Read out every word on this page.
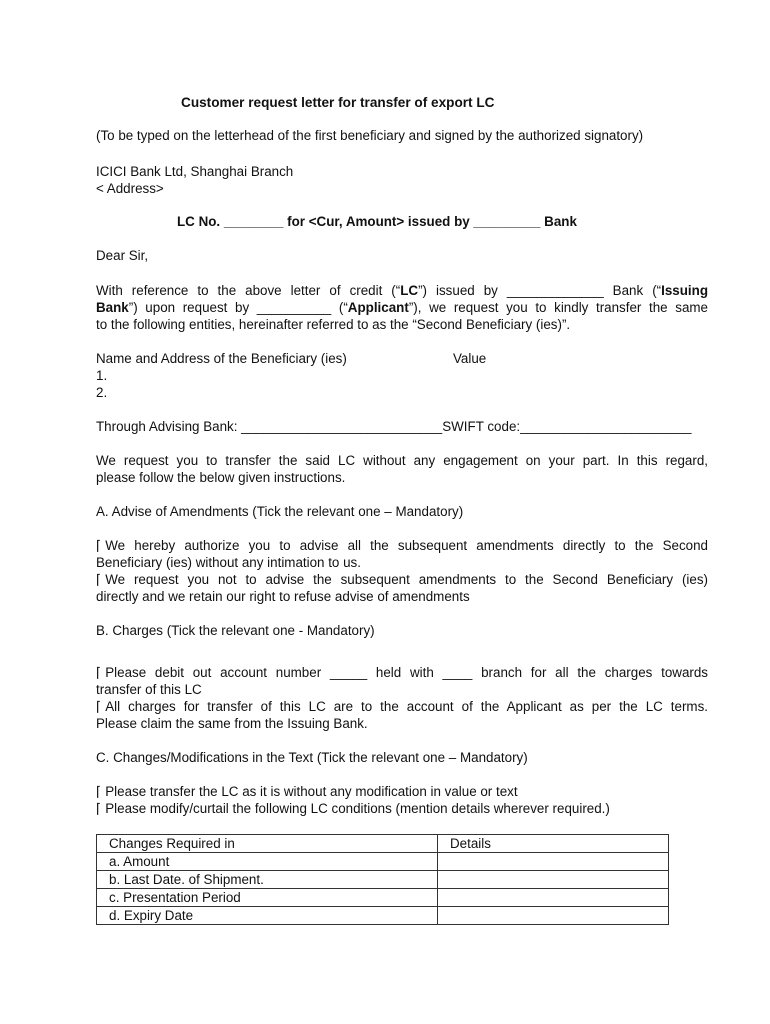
Customer request letter for transfer of export LC
(To be typed on the letterhead of the first beneficiary and signed by the authorized signatory)
ICICI Bank Ltd, Shanghai Branch
< Address>
LC No. ________ for <Cur, Amount> issued by _________ Bank
Dear Sir,
With reference to the above letter of credit (“LC”) issued by _____________ Bank (“Issuing
Bank”) upon request by __________ (“Applicant”), we request you to kindly transfer the same
to the following entities, hereinafter referred to as the “Second Beneficiary (ies)”.
Name and Address of the Beneficiary (ies)	Value
1.
2.
Through Advising Bank: ___________________________SWIFT code:_______________________
We request you to transfer the said LC without any engagement on your part. In this regard,
please follow the below given instructions.
A. Advise of Amendments (Tick the relevant one – Mandatory)
⌈ We hereby authorize you to advise all the subsequent amendments directly to the Second
Beneficiary (ies) without any intimation to us.
⌈ We request you not to advise the subsequent amendments to the Second Beneficiary (ies)
directly and we retain our right to refuse advise of amendments
B. Charges (Tick the relevant one - Mandatory)
⌈ Please debit out account number _____ held with ____ branch for all the charges towards
transfer of this LC
⌈ All charges for transfer of this LC are to the account of the Applicant as per the LC terms.
Please claim the same from the Issuing Bank.
C. Changes/Modifications in the Text (Tick the relevant one – Mandatory)
⌈ Please transfer the LC as it is without any modification in value or text
⌈ Please modify/curtail the following LC conditions (mention details wherever required.)
Changes Required in	Details
a. Amount	
b. Last Date. of Shipment.	
c. Presentation Period	
d. Expiry Date	
